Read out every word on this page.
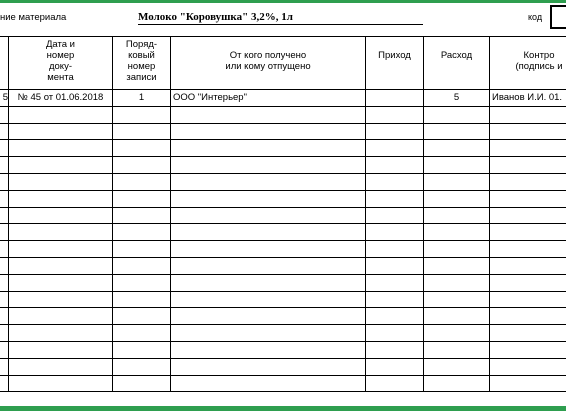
ние материала	Молоко "Коровушка" 3,2%, 1л	код

	Дата и
номер
доку-
мента	Поряд-
ковый
номер
записи	От кого получено
или кому отпущено	Приход	Расход	Контро
(подпись и

5	№ 45 от 01.06.2018	1	ООО "Интерьер"		5	Иванов И.И. 01.
